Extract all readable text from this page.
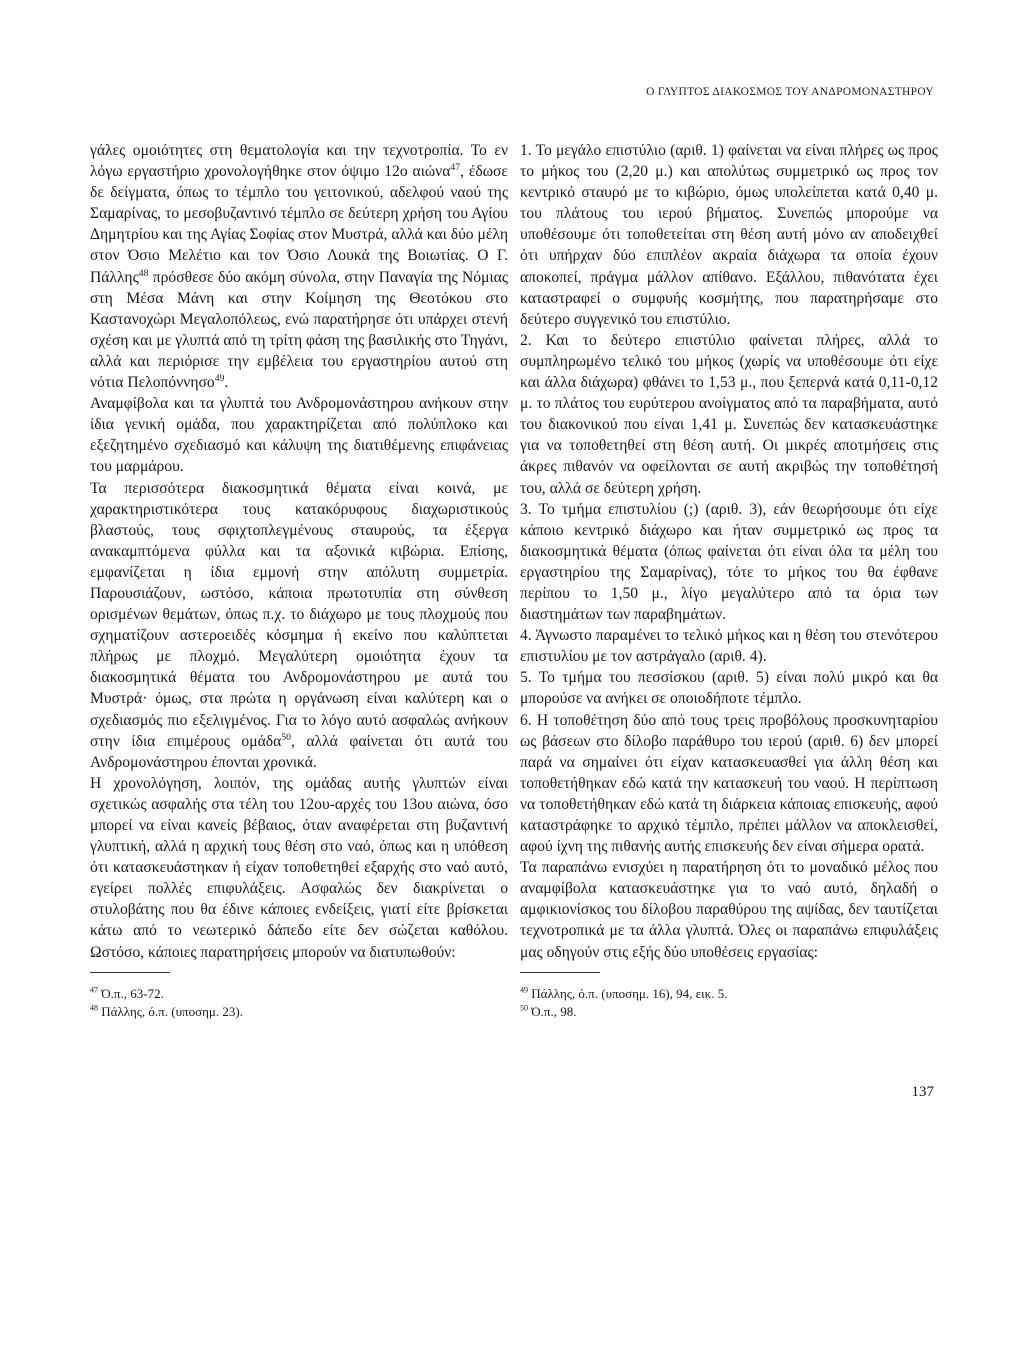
Ο ΓΛΥΠΤΟΣ ΔΙΑΚΟΣΜΟΣ ΤΟΥ ΑΝΔΡΟΜΟΝΑΣΤΗΡΟΥ

γάλες ομοιότητες στη θεματολογία και την τεχνοτροπία. Το εν λόγω εργαστήριο χρονολογήθηκε στον όψιμο 12ο αιώνα$^{47}$, έδωσε δε δείγματα, όπως το τέμπλο του γειτονικού, αδελφού ναού της Σαμαρίνας, το μεσοβυζαντινό τέμπλο σε δεύτερη χρήση του Αγίου Δημητρίου και της Αγίας Σοφίας στον Μυστρά, αλλά και δύο μέλη στον Όσιο Μελέτιο και τον Όσιο Λουκά της Βοιωτίας. Ο Γ. Πάλλης$^{48}$ πρόσθεσε δύο ακόμη σύνολα, στην Παναγία της Νόμιας στη Μέσα Μάνη και στην Κοίμηση της Θεοτόκου στο Καστανοχώρι Μεγαλοπόλεως, ενώ παρατήρησε ότι υπάρχει στενή σχέση και με γλυπτά από τη τρίτη φάση της βασιλικής στο Τηγάνι, αλλά και περιόρισε την εμβέλεια του εργαστηρίου αυτού στη νότια Πελοπόννησο$^{49}$.

Αναμφίβολα και τα γλυπτά του Ανδρομονάστηρου ανήκουν στην ίδια γενική ομάδα, που χαρακτηρίζεται από πολύπλοκο και εξεζητημένο σχεδιασμό και κάλυψη της διατιθέμενης επιφάνειας του μαρμάρου.

Τα περισσότερα διακοσμητικά θέματα είναι κοινά, με χαρακτηριστικότερα τους κατακόρυφους διαχωριστικούς βλαστούς, τους σφιχτοπλεγμένους σταυρούς, τα έξεργα ανακαμπτόμενα φύλλα και τα αξονικά κιβώρια. Επίσης, εμφανίζεται η ίδια εμμονή στην απόλυτη συμμετρία. Παρουσιάζουν, ωστόσο, κάποια πρωτοτυπία στη σύνθεση ορισμένων θεμάτων, όπως π.χ. το διάχωρο με τους πλοχμούς που σχηματίζουν αστεροειδές κόσμημα ή εκείνο που καλύπτεται πλήρως με πλοχμό. Μεγαλύτερη ομοιότητα έχουν τα διακοσμητικά θέματα του Ανδρομονάστηρου με αυτά του Μυστρά· όμως, στα πρώτα η οργάνωση είναι καλύτερη και ο σχεδιασμός πιο εξελιγμένος. Για το λόγο αυτό ασφαλώς ανήκουν στην ίδια επιμέρους ομάδα$^{50}$, αλλά φαίνεται ότι αυτά του Ανδρομονάστηρου έπονται χρονικά.

Η χρονολόγηση, λοιπόν, της ομάδας αυτής γλυπτών είναι σχετικώς ασφαλής στα τέλη του 12ου-αρχές του 13ου αιώνα, όσο μπορεί να είναι κανείς βέβαιος, όταν αναφέρεται στη βυζαντινή γλυπτική, αλλά η αρχική τους θέση στο ναό, όπως και η υπόθεση ότι κατασκευάστηκαν ή είχαν τοποθετηθεί εξαρχής στο ναό αυτό, εγείρει πολλές επιφυλάξεις. Ασφαλώς δεν διακρίνεται ο στυλοβάτης που θα έδινε κάποιες ενδείξεις, γιατί είτε βρίσκεται κάτω από το νεωτερικό δάπεδο είτε δεν σώζεται καθόλου. Ωστόσο, κάποιες παρατηρήσεις μπορούν να διατυπωθούν:

1. Το μεγάλο επιστύλιο (αριθ. 1) φαίνεται να είναι πλήρες ως προς το μήκος του (2,20 μ.) και απολύτως συμμετρικό ως προς τον κεντρικό σταυρό με το κιβώριο, όμως υπολείπεται κατά 0,40 μ. του πλάτους του ιερού βήματος. Συνεπώς μπορούμε να υποθέσουμε ότι τοποθετείται στη θέση αυτή μόνο αν αποδειχθεί ότι υπήρχαν δύο επιπλέον ακραία διάχωρα τα οποία έχουν αποκοπεί, πράγμα μάλλον απίθανο. Εξάλλου, πιθανότατα έχει καταστραφεί ο συμφυής κοσμήτης, που παρατηρήσαμε στο δεύτερο συγγενικό του επιστύλιο.

2. Και το δεύτερο επιστύλιο φαίνεται πλήρες, αλλά το συμπληρωμένο τελικό του μήκος (χωρίς να υποθέσουμε ότι είχε και άλλα διάχωρα) φθάνει το 1,53 μ., που ξεπερνά κατά 0,11-0,12 μ. το πλάτος του ευρύτερου ανοίγματος από τα παραβήματα, αυτό του διακονικού που είναι 1,41 μ. Συνεπώς δεν κατασκευάστηκε για να τοποθετηθεί στη θέση αυτή. Οι μικρές αποτμήσεις στις άκρες πιθανόν να οφείλονται σε αυτή ακριβώς την τοποθέτησή του, αλλά σε δεύτερη χρήση.

3. Το τμήμα επιστυλίου (;) (αριθ. 3), εάν θεωρήσουμε ότι είχε κάποιο κεντρικό διάχωρο και ήταν συμμετρικό ως προς τα διακοσμητικά θέματα (όπως φαίνεται ότι είναι όλα τα μέλη του εργαστηρίου της Σαμαρίνας), τότε το μήκος του θα έφθανε περίπου το 1,50 μ., λίγο μεγαλύτερο από τα όρια των διαστημάτων των παραβημάτων.

4. Άγνωστο παραμένει το τελικό μήκος και η θέση του στενότερου επιστυλίου με τον αστράγαλο (αριθ. 4).

5. Το τμήμα του πεσσίσκου (αριθ. 5) είναι πολύ μικρό και θα μπορούσε να ανήκει σε οποιοδήποτε τέμπλο.

6. Η τοποθέτηση δύο από τους τρεις προβόλους προσκυνηταρίου ως βάσεων στο δίλοβο παράθυρο του ιερού (αριθ. 6) δεν μπορεί παρά να σημαίνει ότι είχαν κατασκευασθεί για άλλη θέση και τοποθετήθηκαν εδώ κατά την κατασκευή του ναού. Η περίπτωση να τοποθετήθηκαν εδώ κατά τη διάρκεια κάποιας επισκευής, αφού καταστράφηκε το αρχικό τέμπλο, πρέπει μάλλον να αποκλεισθεί, αφού ίχνη της πιθανής αυτής επισκευής δεν είναι σήμερα ορατά.

Τα παραπάνω ενισχύει η παρατήρηση ότι το μοναδικό μέλος που αναμφίβολα κατασκευάστηκε για το ναό αυτό, δηλαδή ο αμφικιονίσκος του δίλοβου παραθύρου της αψίδας, δεν ταυτίζεται τεχνοτροπικά με τα άλλα γλυπτά. Όλες οι παραπάνω επιφυλάξεις μας οδηγούν στις εξής δύο υποθέσεις εργασίας:

$^{47}$ Ό.π., 63-72.
$^{48}$ Πάλλης, ό.π. (υποσημ. 23).
$^{49}$ Πάλλης, ό.π. (υποσημ. 16), 94, εικ. 5.
$^{50}$ Ό.π., 98.
137
